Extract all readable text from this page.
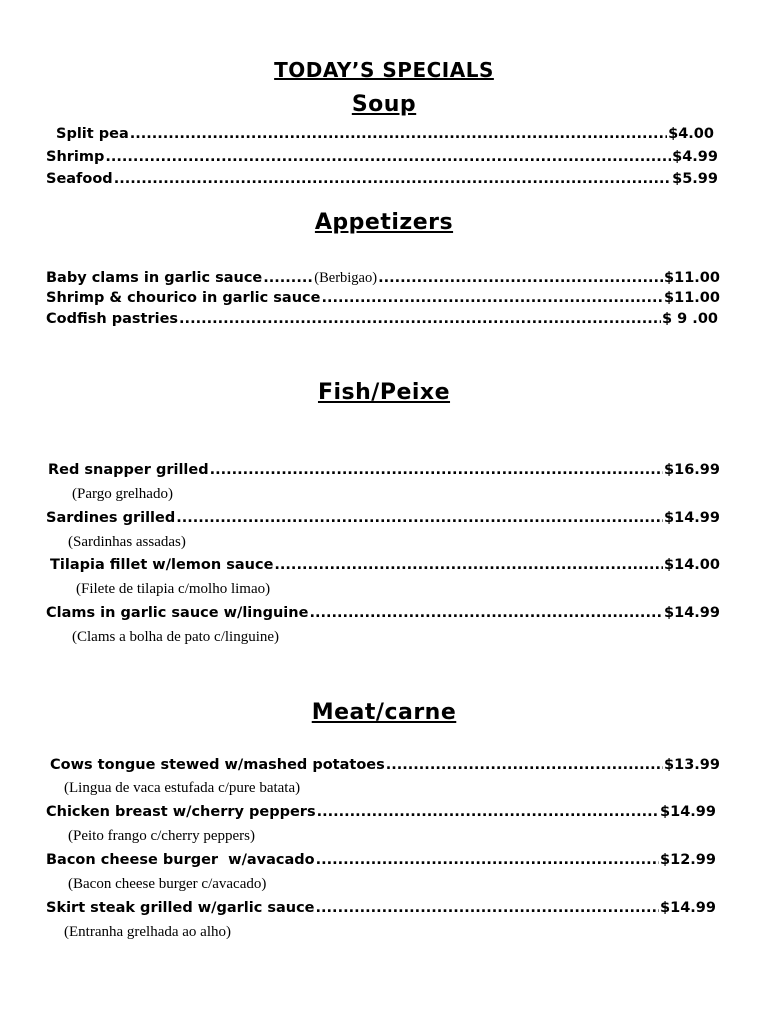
TODAY’S SPECIALS
Soup
Split pea .....	$4.00
Shrimp .....	$4.99
Seafood .....	$5.99
Appetizers
Baby clams in garlic sauce .....	(Berbigao) .....	$11.00
Shrimp & chourico in garlic sauce .....	$11.00
Codfish pastries .....	$ 9 .00
Fish/Peixe
Red snapper grilled .....	$16.99
(Pargo grelhado)
Sardines grilled .....	$14.99
(Sardinhas assadas)
Tilapia fillet w/lemon sauce .....	$14.00
(Filete de tilapia c/molho limao)
Clams in garlic sauce w/linguine .....	$14.99
(Clams a bolha de pato c/linguine)
Meat/carne
Cows tongue stewed w/mashed potatoes .....	$13.99
(Lingua de vaca estufada c/pure batata)
Chicken breast w/cherry peppers .....	$14.99
(Peito frango c/cherry peppers)
Bacon cheese burger  w/avacado .....	$12.99
(Bacon cheese burger c/avacado)
Skirt steak grilled w/garlic sauce .....	$14.99
(Entranha grelhada ao alho)
